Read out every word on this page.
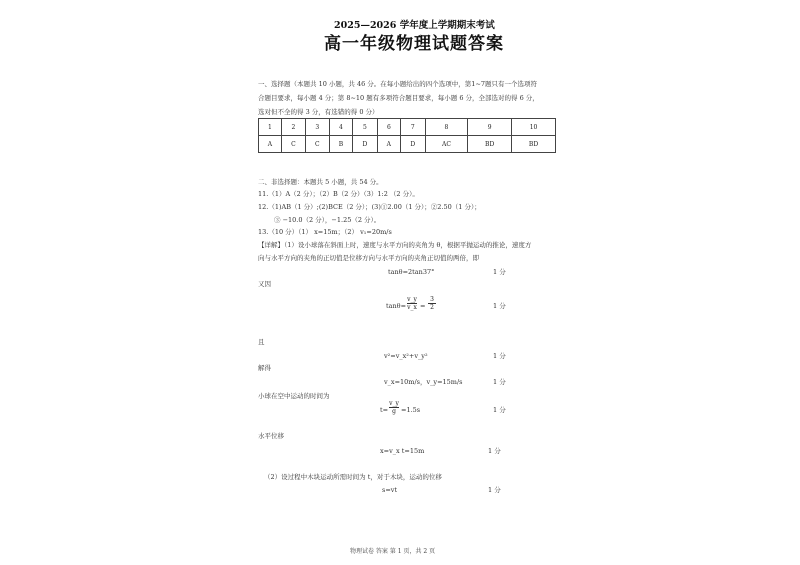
2025—2026 学年度上学期期末考试
高一年级物理试题答案
一、选择题（本题共 10 小题，共 46 分。在每小题给出的四个选项中，第1~7题只有一个选项符
合题目要求，每小题 4 分；第 8~10 题有多项符合题目要求，每小题 6 分，全部选对的得 6 分，
选对但不全的得 3 分，有选错的得 0 分）
1	2	3	4	5	6	7	8	9	10
A	C	C	B	D	A	D	AC	BD	BD
二、非选择题：本题共 5 小题，共 54 分。
11.（1）A（2 分）；（2）B（2 分）（3）1:2 （2 分）。
12.（1)AB（1 分）;(2)BCE（2 分）；(3)①2.00（1 分）；②2.50（1 分）；
③ −10.0（2 分），−1.25（2 分）。
13.（10 分）（1） x=15m；（2） v₁=20m/s
【详解】（1）设小球落在斜面上时，速度与水平方向的夹角为 θ，根据平抛运动的推论，速度方
向与水平方向的夹角的正切值是位移方向与水平方向的夹角正切值的两倍，即
tanθ=2tan37°	1 分
又因
$\tan\theta= \frac{v\_y}{v\_x} = \frac{3}{2}$	1 分
且
v²=v_x²+v_y²	1 分
解得
v_x=10m/s，v_y=15m/s	1 分
小球在空中运动的时间为
$t= \frac{v\_y}{g} =1.5s$	1 分
水平位移
x=v_x t=15m	1 分
（2）设过程中木块运动所需时间为 t，对于木块，运动的位移
s=vt	1 分
物理试卷 答案 第 1 页，共 2 页
